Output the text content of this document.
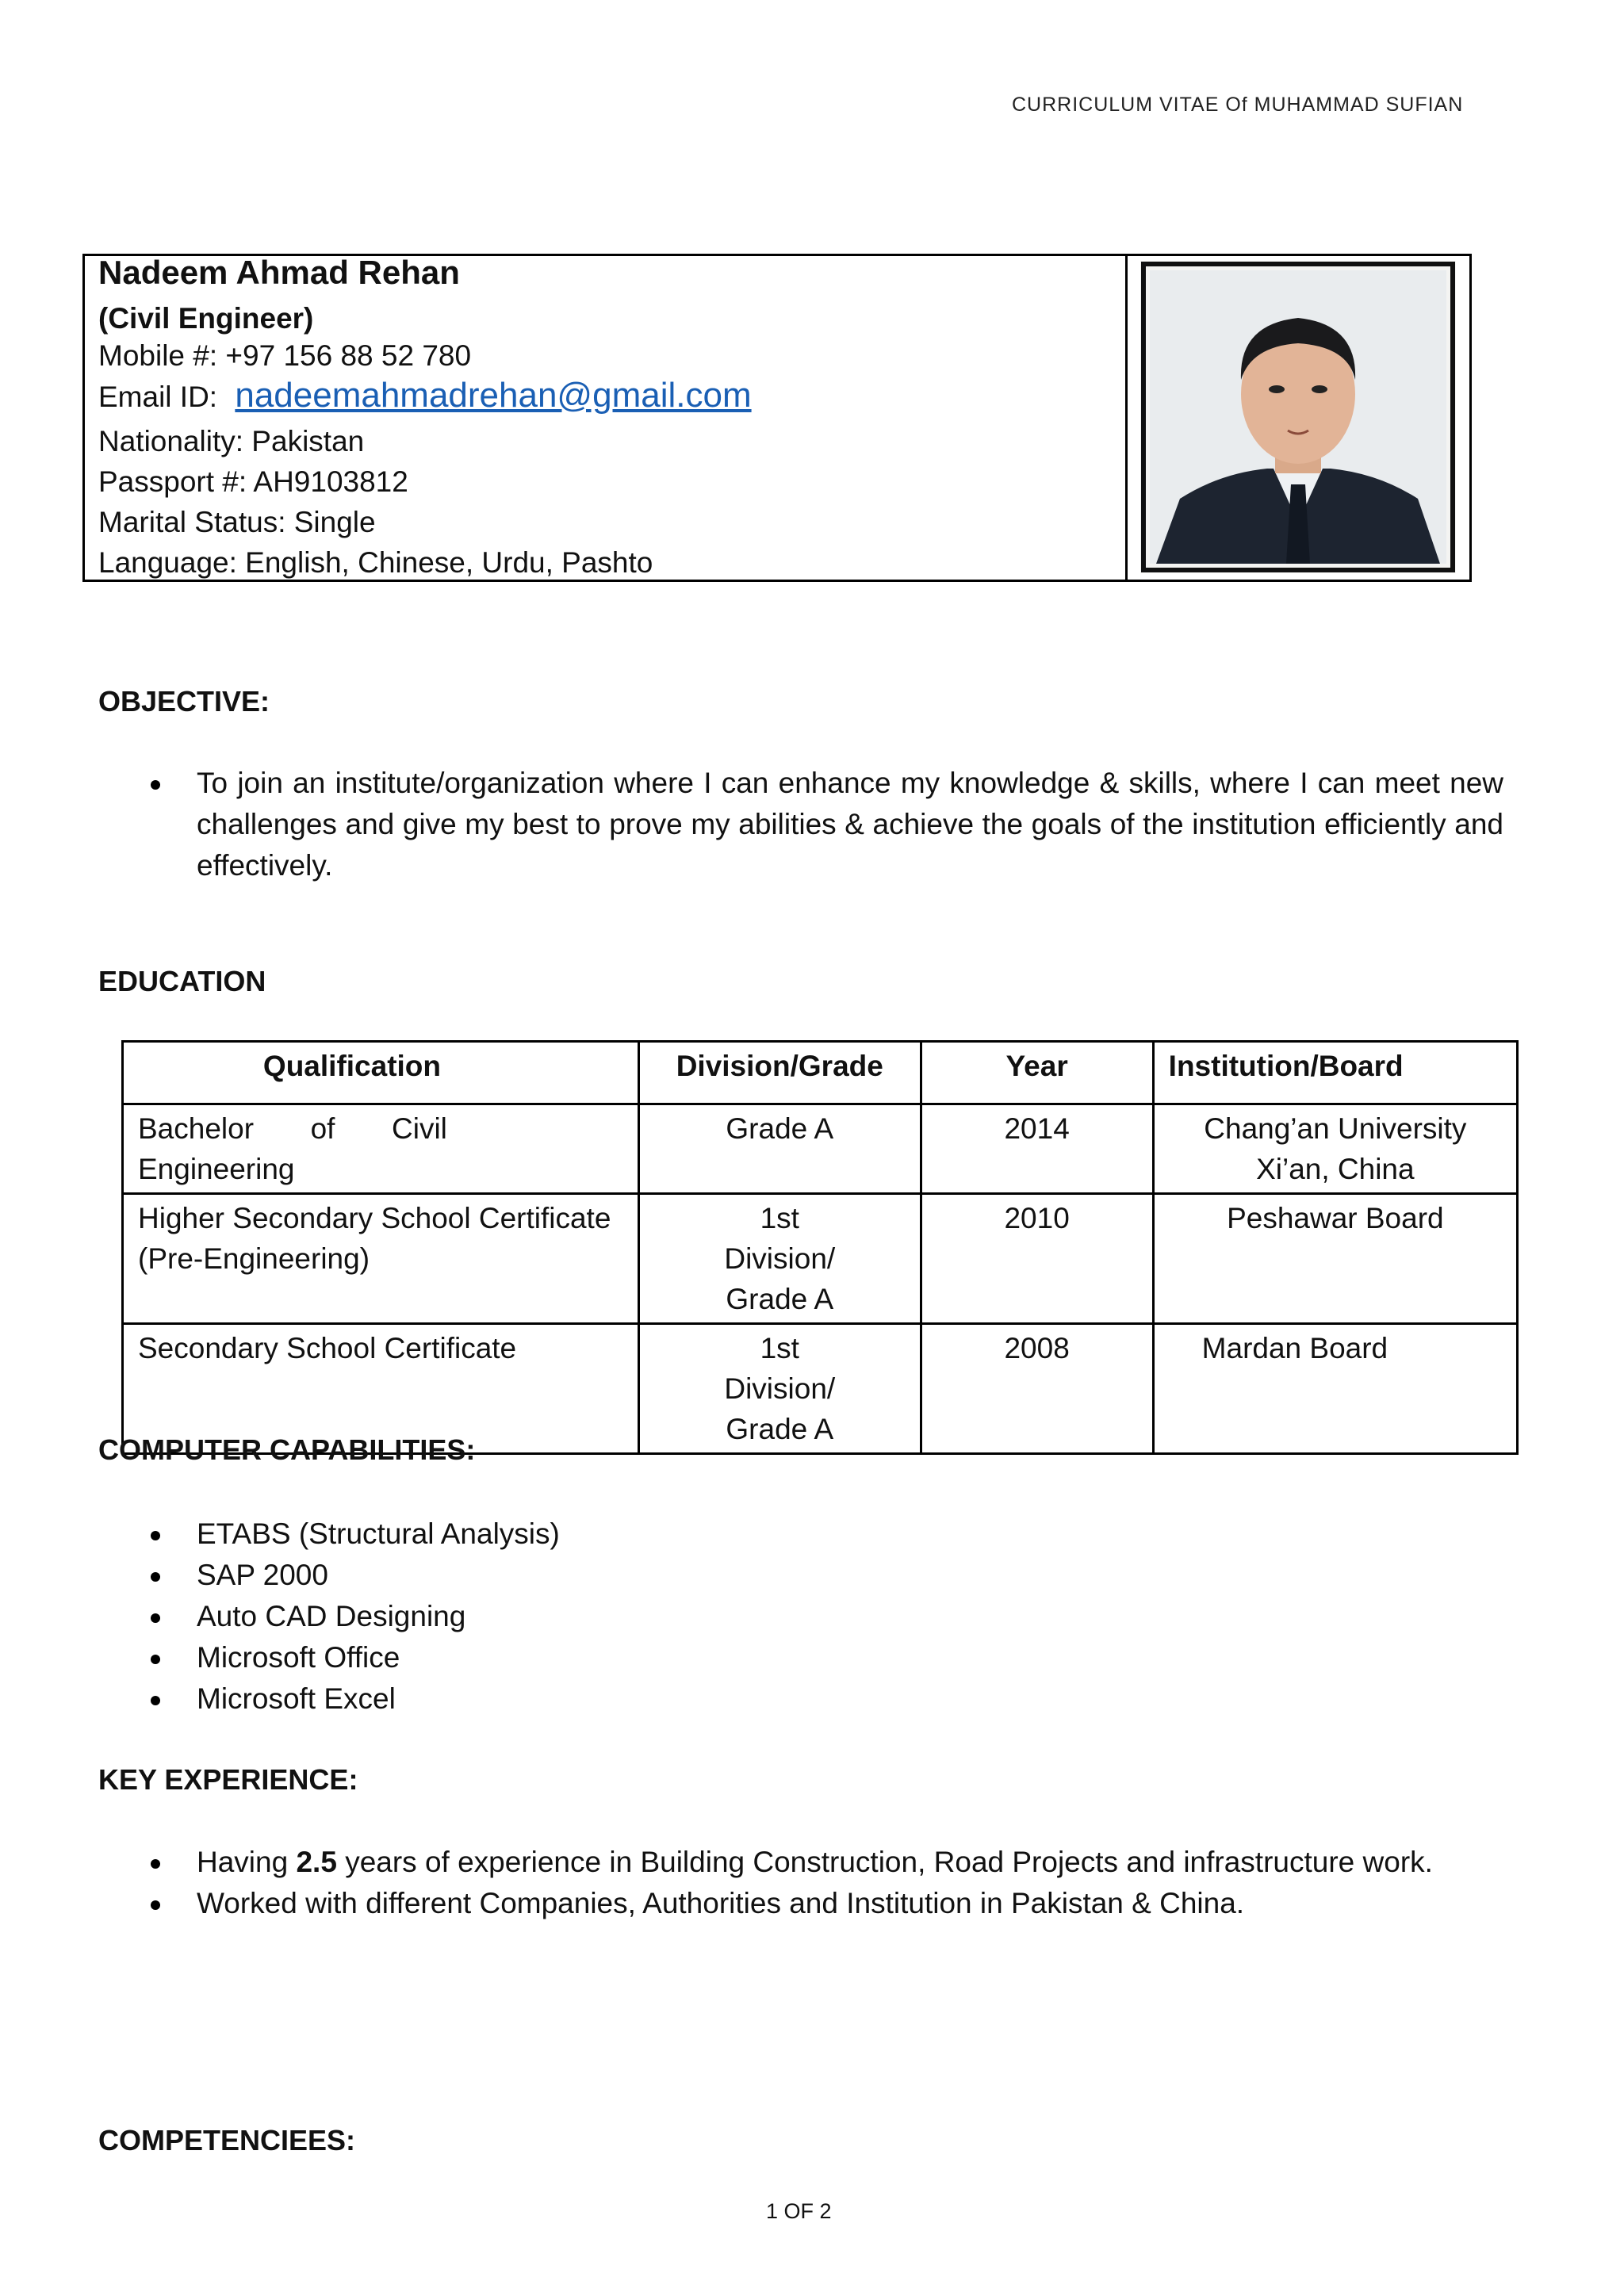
CURRICULUM VITAE Of MUHAMMAD SUFIAN
Nadeem Ahmad Rehan
(Civil Engineer)
Mobile #: +97 156 88 52 780
Email ID: nadeemahmadrehan@gmail.com
Nationality: Pakistan
Passport #: AH9103812
Marital Status: Single
Language: English, Chinese, Urdu, Pashto
OBJECTIVE:
To join an institute/organization where I can enhance my knowledge & skills, where I can meet new challenges and give my best to prove my abilities & achieve the goals of the institution efficiently and effectively.
EDUCATION
Qualification	Division/Grade	Year	Institution/Board
Bachelor of Civil Engineering	Grade A	2014	Chang’an University Xi’an, China
Higher Secondary School Certificate (Pre-Engineering)	1st Division/ Grade A	2010	Peshawar Board
Secondary School Certificate	1st Division/ Grade A	2008	Mardan Board
COMPUTER CAPABILITIES:
ETABS (Structural Analysis)
SAP 2000
Auto CAD Designing
Microsoft Office
Microsoft Excel
KEY EXPERIENCE:
Having 2.5 years of experience in Building Construction, Road Projects and infrastructure work.
Worked with different Companies, Authorities and Institution in Pakistan & China.
COMPETENCIEES:
1 OF 2
